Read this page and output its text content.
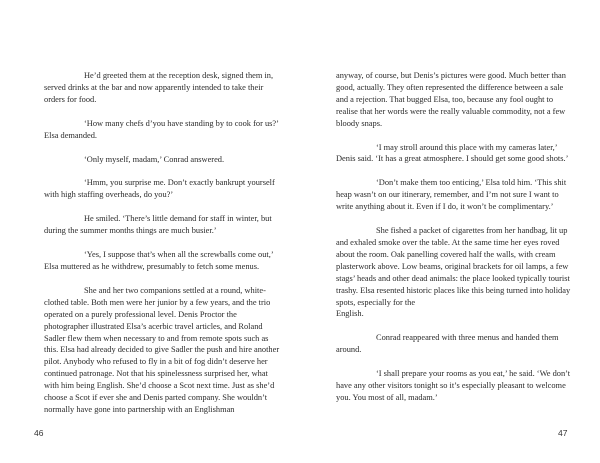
He’d greeted them at the reception desk, signed them in, served drinks at the bar and now apparently intended to take their orders for food.

‘How many chefs d’you have standing by to cook for us?’ Elsa demanded.

‘Only myself, madam,’ Conrad answered.

‘Hmm, you surprise me. Don’t exactly bankrupt yourself with high staffing overheads, do you?’

He smiled. ‘There’s little demand for staff in winter, but during the summer months things are much busier.’

‘Yes, I suppose that’s when all the screwballs come out,’ Elsa muttered as he withdrew, presumably to fetch some menus.

She and her two companions settled at a round, white-clothed table. Both men were her junior by a few years, and the trio operated on a purely professional level. Denis Proctor the photographer illustrated Elsa’s acerbic travel articles, and Roland Sadler flew them when necessary to and from remote spots such as this. Elsa had already decided to give Sadler the push and hire another pilot. Anybody who refused to fly in a bit of fog didn’t deserve her continued patronage. Not that his spinelessness surprised her, what with him being English. She’d choose a Scot next time. Just as she’d choose a Scot if ever she and Denis parted company. She wouldn’t normally have gone into partnership with an Englishman

46

anyway, of course, but Denis’s pictures were good. Much better than good, actually. They often represented the difference between a sale and a rejection. That bugged Elsa, too, because any fool ought to realise that her words were the really valuable commodity, not a few bloody snaps.

‘I may stroll around this place with my cameras later,’ Denis said. ‘It has a great atmosphere. I should get some good shots.’

‘Don’t make them too enticing,’ Elsa told him. ‘This shit heap wasn’t on our itinerary, remember, and I’m not sure I want to write anything about it. Even if I do, it won’t be complimentary.’

She fished a packet of cigarettes from her handbag, lit up and exhaled smoke over the table. At the same time her eyes roved about the room. Oak panelling covered half the walls, with cream plasterwork above. Low beams, original brackets for oil lamps, a few stags’ heads and other dead animals: the place looked typically tourist trashy. Elsa resented historic places like this being turned into holiday spots, especially for the

English.

Conrad reappeared with three menus and handed them around.

‘I shall prepare your rooms as you eat,’ he said. ‘We don’t have any other visitors tonight so it’s especially pleasant to welcome you. You most of all, madam.’

47
